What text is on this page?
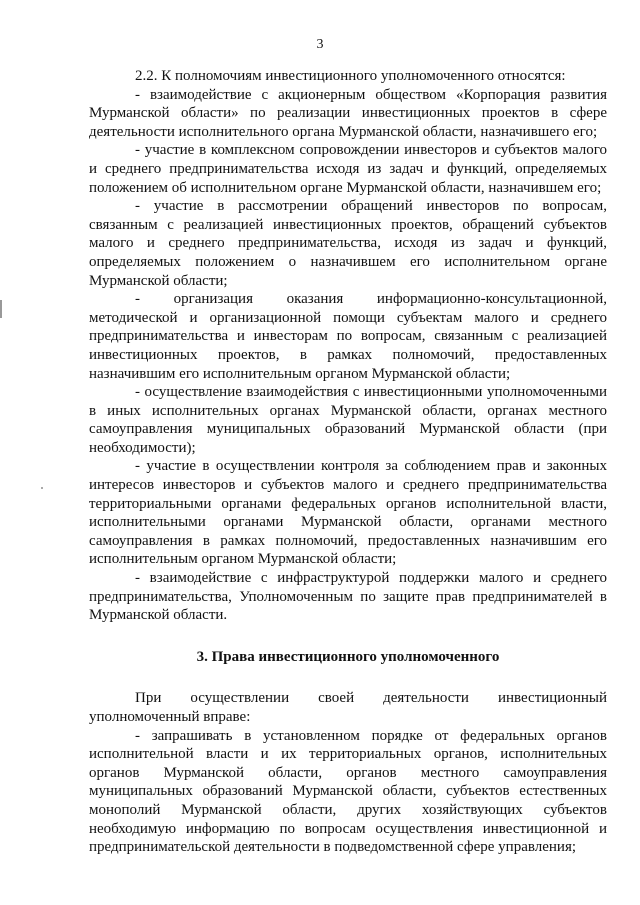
3

2.2. К полномочиям инвестиционного уполномоченного относятся:

- взаимодействие с акционерным обществом «Корпорация развития Мурманской области» по реализации инвестиционных проектов в сфере деятельности исполнительного органа Мурманской области, назначившего его;

- участие в комплексном сопровождении инвесторов и субъектов малого и среднего предпринимательства исходя из задач и функций, определяемых положением об исполнительном органе Мурманской области, назначившем его;

- участие в рассмотрении обращений инвесторов по вопросам, связанным с реализацией инвестиционных проектов, обращений субъектов малого и среднего предпринимательства, исходя из задач и функций, определяемых положением о назначившем его исполнительном органе Мурманской области;

- организация оказания информационно-консультационной, методической и организационной помощи субъектам малого и среднего предпринимательства и инвесторам по вопросам, связанным с реализацией инвестиционных проектов, в рамках полномочий, предоставленных назначившим его исполнительным органом Мурманской области;

- осуществление взаимодействия с инвестиционными уполномоченными в иных исполнительных органах Мурманской области, органах местного самоуправления муниципальных образований Мурманской области (при необходимости);

- участие в осуществлении контроля за соблюдением прав и законных интересов инвесторов и субъектов малого и среднего предпринимательства территориальными органами федеральных органов исполнительной власти, исполнительными органами Мурманской области, органами местного самоуправления в рамках полномочий, предоставленных назначившим его исполнительным органом Мурманской области;

- взаимодействие с инфраструктурой поддержки малого и среднего предпринимательства, Уполномоченным по защите прав предпринимателей в Мурманской области.

3. Права инвестиционного уполномоченного

При осуществлении своей деятельности инвестиционный уполномоченный вправе:

- запрашивать в установленном порядке от федеральных органов исполнительной власти и их территориальных органов, исполнительных органов Мурманской области, органов местного самоуправления муниципальных образований Мурманской области, субъектов естественных монополий Мурманской области, других хозяйствующих субъектов необходимую информацию по вопросам осуществления инвестиционной и предпринимательской деятельности в подведомственной сфере управления;
